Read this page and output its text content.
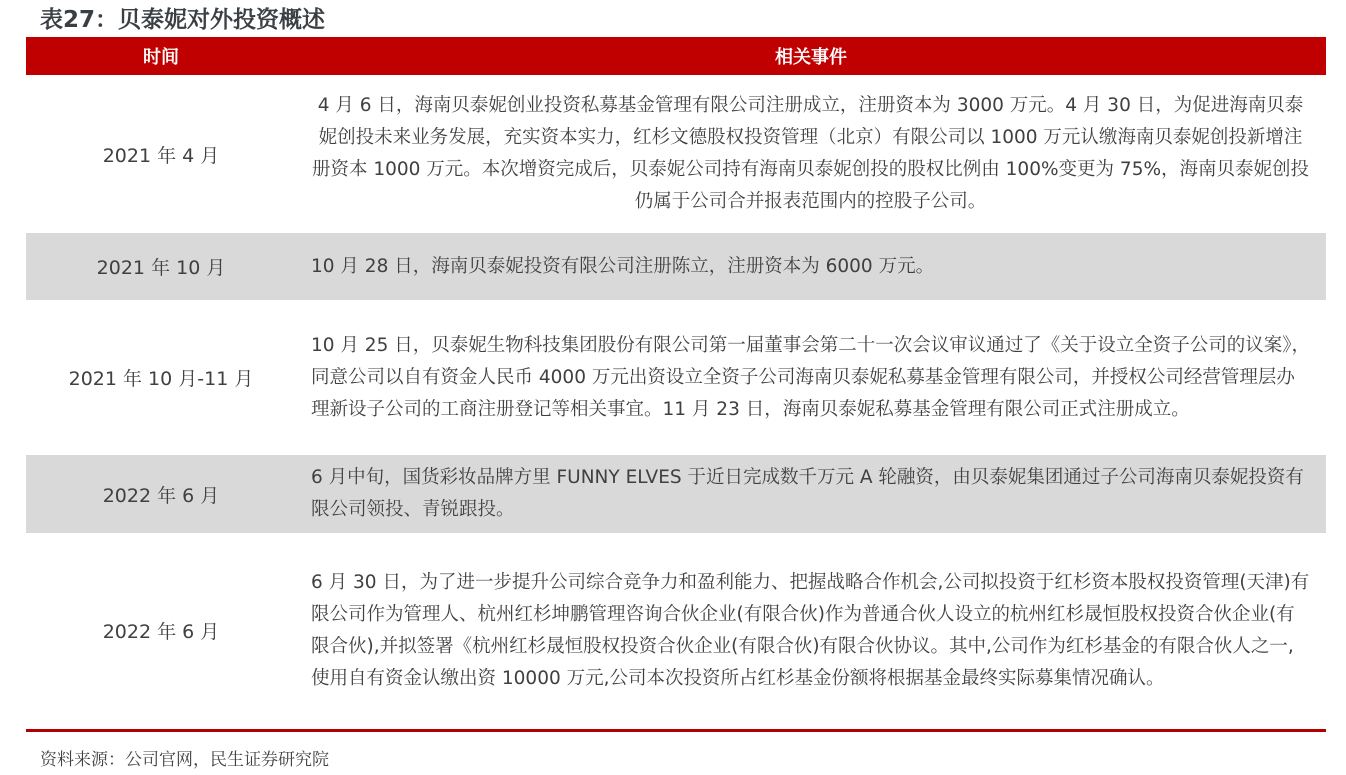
表27：贝泰妮对外投资概述
时间	相关事件
2021 年 4 月
4 月 6 日，海南贝泰妮创业投资私募基金管理有限公司注册成立，注册资本为 3000 万元。4 月 30 日，为促进海南贝泰妮创投未来业务发展，充实资本实力，红杉文德股权投资管理（北京）有限公司以 1000 万元认缴海南贝泰妮创投新增注册资本 1000 万元。本次增资完成后，贝泰妮公司持有海南贝泰妮创投的股权比例由 100%变更为 75%，海南贝泰妮创投仍属于公司合并报表范围内的控股子公司。
2021 年 10 月	10 月 28 日，海南贝泰妮投资有限公司注册陈立，注册资本为 6000 万元。
2021 年 10 月-11 月
10 月 25 日，贝泰妮生物科技集团股份有限公司第一届董事会第二十一次会议审议通过了《关于设立全资子公司的议案》，同意公司以自有资金人民币 4000 万元出资设立全资子公司海南贝泰妮私募基金管理有限公司，并授权公司经营管理层办理新设子公司的工商注册登记等相关事宜。11 月 23 日，海南贝泰妮私募基金管理有限公司正式注册成立。
2022 年 6 月
6 月中旬，国货彩妆品牌方里 FUNNY ELVES 于近日完成数千万元 A 轮融资，由贝泰妮集团通过子公司海南贝泰妮投资有限公司领投、青锐跟投。
2022 年 6 月
6 月 30 日，为了进一步提升公司综合竞争力和盈利能力、把握战略合作机会,公司拟投资于红杉资本股权投资管理(天津)有限公司作为管理人、杭州红杉坤鹏管理咨询合伙企业(有限合伙)作为普通合伙人设立的杭州红杉晟恒股权投资合伙企业(有限合伙),并拟签署《杭州红杉晟恒股权投资合伙企业(有限合伙)有限合伙协议。其中,公司作为红杉基金的有限合伙人之一,使用自有资金认缴出资 10000 万元,公司本次投资所占红杉基金份额将根据基金最终实际募集情况确认。
资料来源：公司官网，民生证券研究院
